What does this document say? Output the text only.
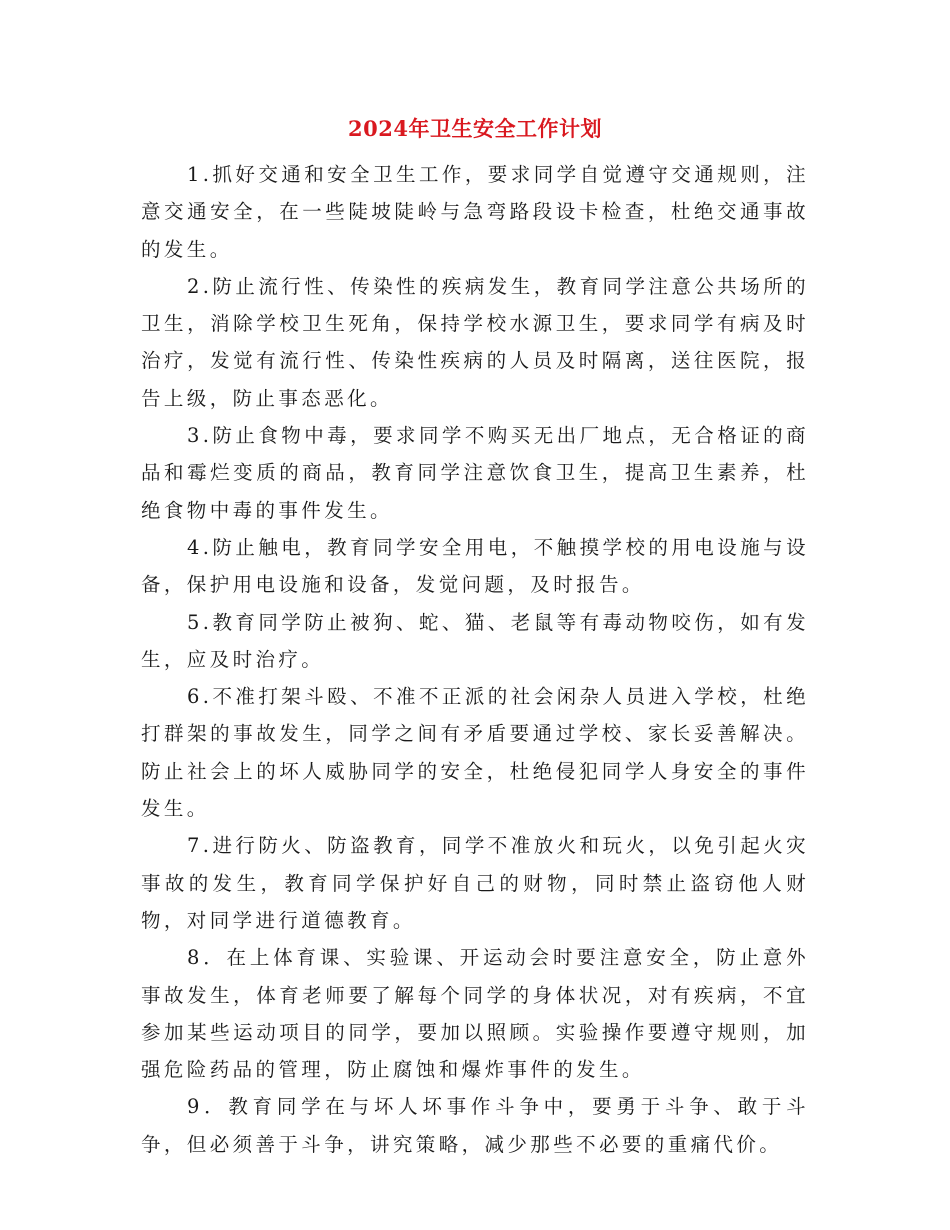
2024年卫生安全工作计划

1.抓好交通和安全卫生工作，要求同学自觉遵守交通规则，注意交通安全，在一些陡坡陡岭与急弯路段设卡检查，杜绝交通事故的发生。

2.防止流行性、传染性的疾病发生，教育同学注意公共场所的卫生，消除学校卫生死角，保持学校水源卫生，要求同学有病及时治疗，发觉有流行性、传染性疾病的人员及时隔离，送往医院，报告上级，防止事态恶化。

3.防止食物中毒，要求同学不购买无出厂地点，无合格证的商品和霉烂变质的商品，教育同学注意饮食卫生，提高卫生素养，杜绝食物中毒的事件发生。

4.防止触电，教育同学安全用电，不触摸学校的用电设施与设备，保护用电设施和设备，发觉问题，及时报告。

5.教育同学防止被狗、蛇、猫、老鼠等有毒动物咬伤，如有发生，应及时治疗。

6.不准打架斗殴、不准不正派的社会闲杂人员进入学校，杜绝打群架的事故发生，同学之间有矛盾要通过学校、家长妥善解决。防止社会上的坏人威胁同学的安全，杜绝侵犯同学人身安全的事件发生。

7.进行防火、防盗教育，同学不准放火和玩火，以免引起火灾事故的发生，教育同学保护好自己的财物，同时禁止盗窃他人财物，对同学进行道德教育。

8．在上体育课、实验课、开运动会时要注意安全，防止意外事故发生，体育老师要了解每个同学的身体状况，对有疾病，不宜参加某些运动项目的同学，要加以照顾。实验操作要遵守规则，加强危险药品的管理，防止腐蚀和爆炸事件的发生。

9．教育同学在与坏人坏事作斗争中，要勇于斗争、敢于斗争，但必须善于斗争，讲究策略，减少那些不必要的重痛代价。
